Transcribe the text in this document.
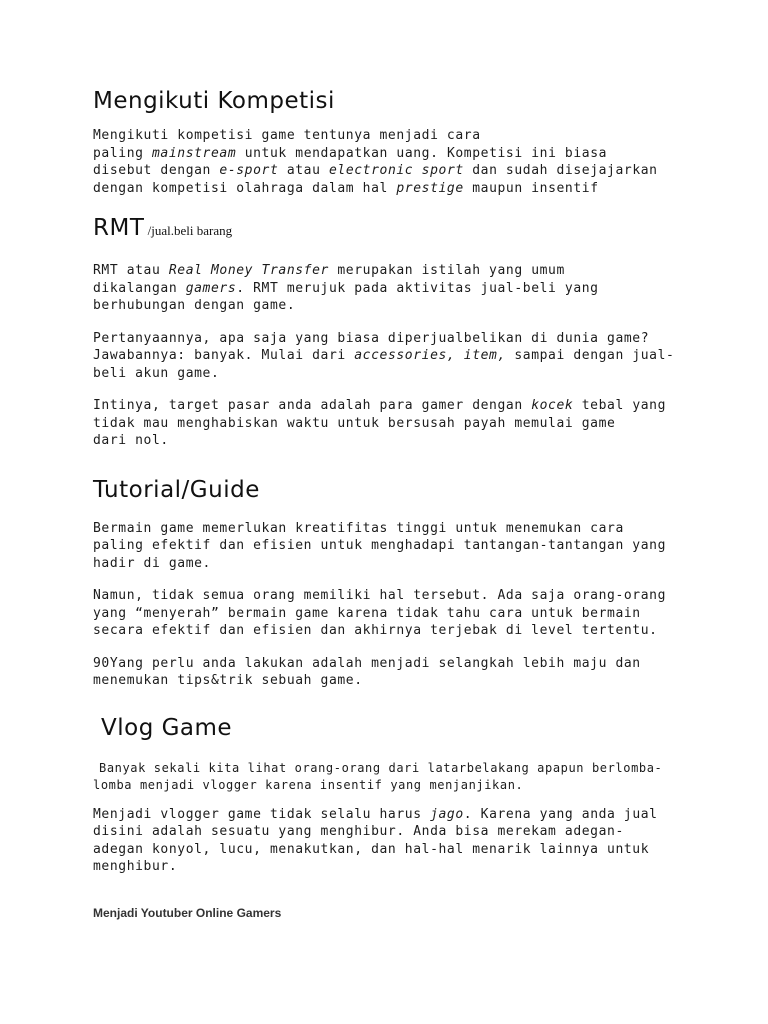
Mengikuti Kompetisi

Mengikuti kompetisi game tentunya menjadi cara
paling mainstream untuk mendapatkan uang. Kompetisi ini biasa
disebut dengan e-sport atau electronic sport dan sudah disejajarkan
dengan kompetisi olahraga dalam hal prestige maupun insentif

RMT /jual.beli barang

RMT atau Real Money Transfer merupakan istilah yang umum
dikalangan gamers. RMT merujuk pada aktivitas jual-beli yang
berhubungan dengan game.

Pertanyaannya, apa saja yang biasa diperjualbelikan di dunia game?
Jawabannya: banyak. Mulai dari accessories, item, sampai dengan jual-
beli akun game.

Intinya, target pasar anda adalah para gamer dengan kocek tebal yang
tidak mau menghabiskan waktu untuk bersusah payah memulai game
dari nol.

Tutorial/Guide

Bermain game memerlukan kreatifitas tinggi untuk menemukan cara
paling efektif dan efisien untuk menghadapi tantangan-tantangan yang
hadir di game.

Namun, tidak semua orang memiliki hal tersebut. Ada saja orang-orang
yang “menyerah” bermain game karena tidak tahu cara untuk bermain
secara efektif dan efisien dan akhirnya terjebak di level tertentu.

90Yang perlu anda lakukan adalah menjadi selangkah lebih maju dan
menemukan tips&trik sebuah game.

Vlog Game

Banyak sekali kita lihat orang-orang dari latarbelakang apapun berlomba-
lomba menjadi vlogger karena insentif yang menjanjikan.

Menjadi vlogger game tidak selalu harus jago. Karena yang anda jual
disini adalah sesuatu yang menghibur. Anda bisa merekam adegan-
adegan konyol, lucu, menakutkan, dan hal-hal menarik lainnya untuk
menghibur.

Menjadi Youtuber Online Gamers
